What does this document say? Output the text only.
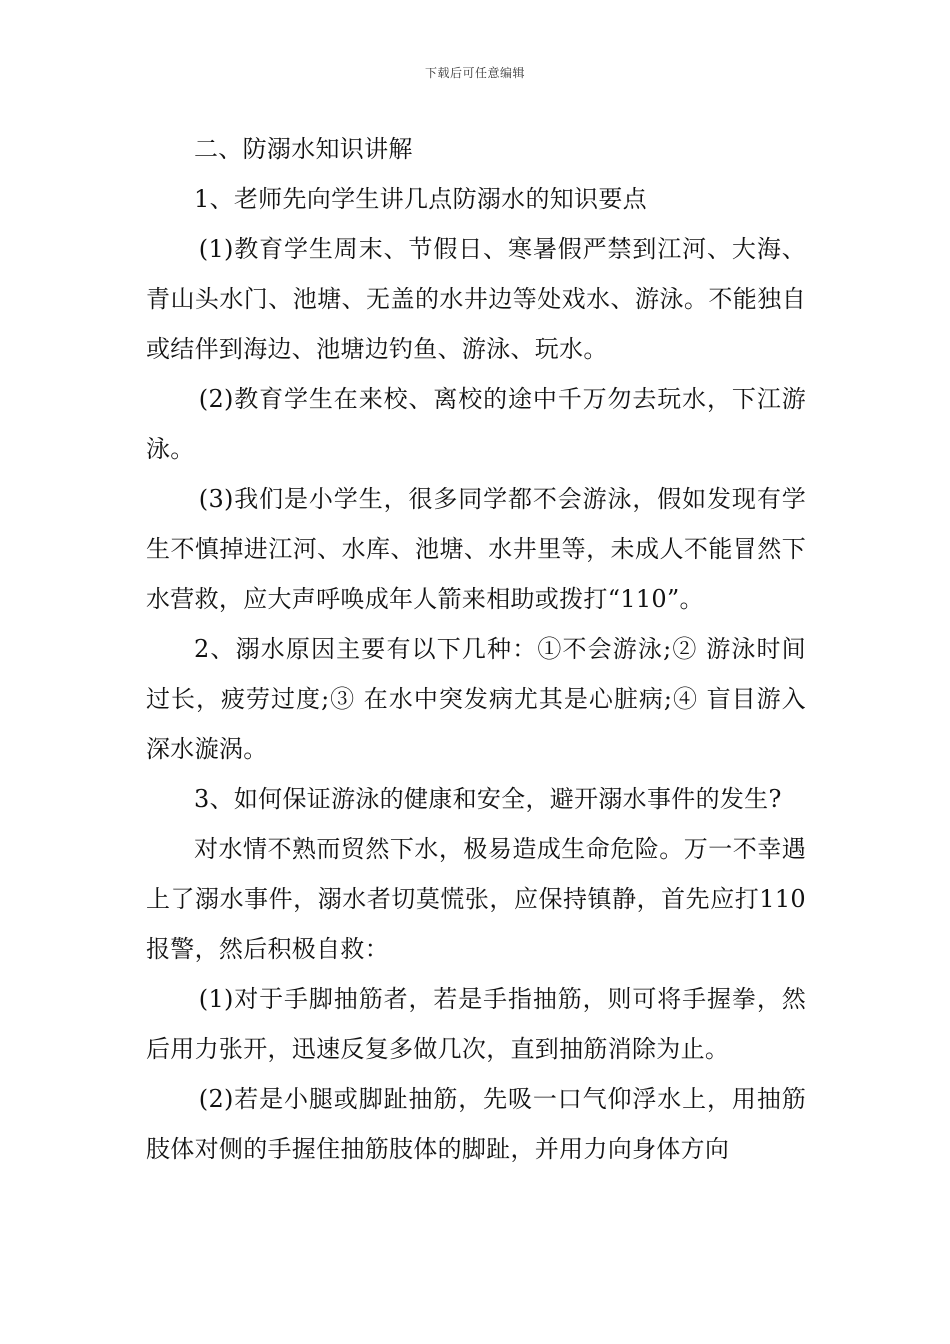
下载后可任意编辑

二、防溺水知识讲解

1、老师先向学生讲几点防溺水的知识要点

(1)教育学生周末、节假日、寒暑假严禁到江河、大海、青山头水门、池塘、无盖的水井边等处戏水、游泳。不能独自或结伴到海边、池塘边钓鱼、游泳、玩水。

(2)教育学生在来校、离校的途中千万勿去玩水，下江游泳。

(3)我们是小学生，很多同学都不会游泳，假如发现有学生不慎掉进江河、水库、池塘、水井里等，未成人不能冒然下水营救，应大声呼唤成年人箭来相助或拨打“110”。

2、溺水原因主要有以下几种：①不会游泳;② 游泳时间过长，疲劳过度;③ 在水中突发病尤其是心脏病;④ 盲目游入深水漩涡。

3、如何保证游泳的健康和安全，避开溺水事件的发生?

对水情不熟而贸然下水，极易造成生命危险。万一不幸遇上了溺水事件，溺水者切莫慌张，应保持镇静，首先应打110报警，然后积极自救：

(1)对于手脚抽筋者，若是手指抽筋，则可将手握拳，然后用力张开，迅速反复多做几次，直到抽筋消除为止。

(2)若是小腿或脚趾抽筋，先吸一口气仰浮水上，用抽筋肢体对侧的手握住抽筋肢体的脚趾，并用力向身体方向
